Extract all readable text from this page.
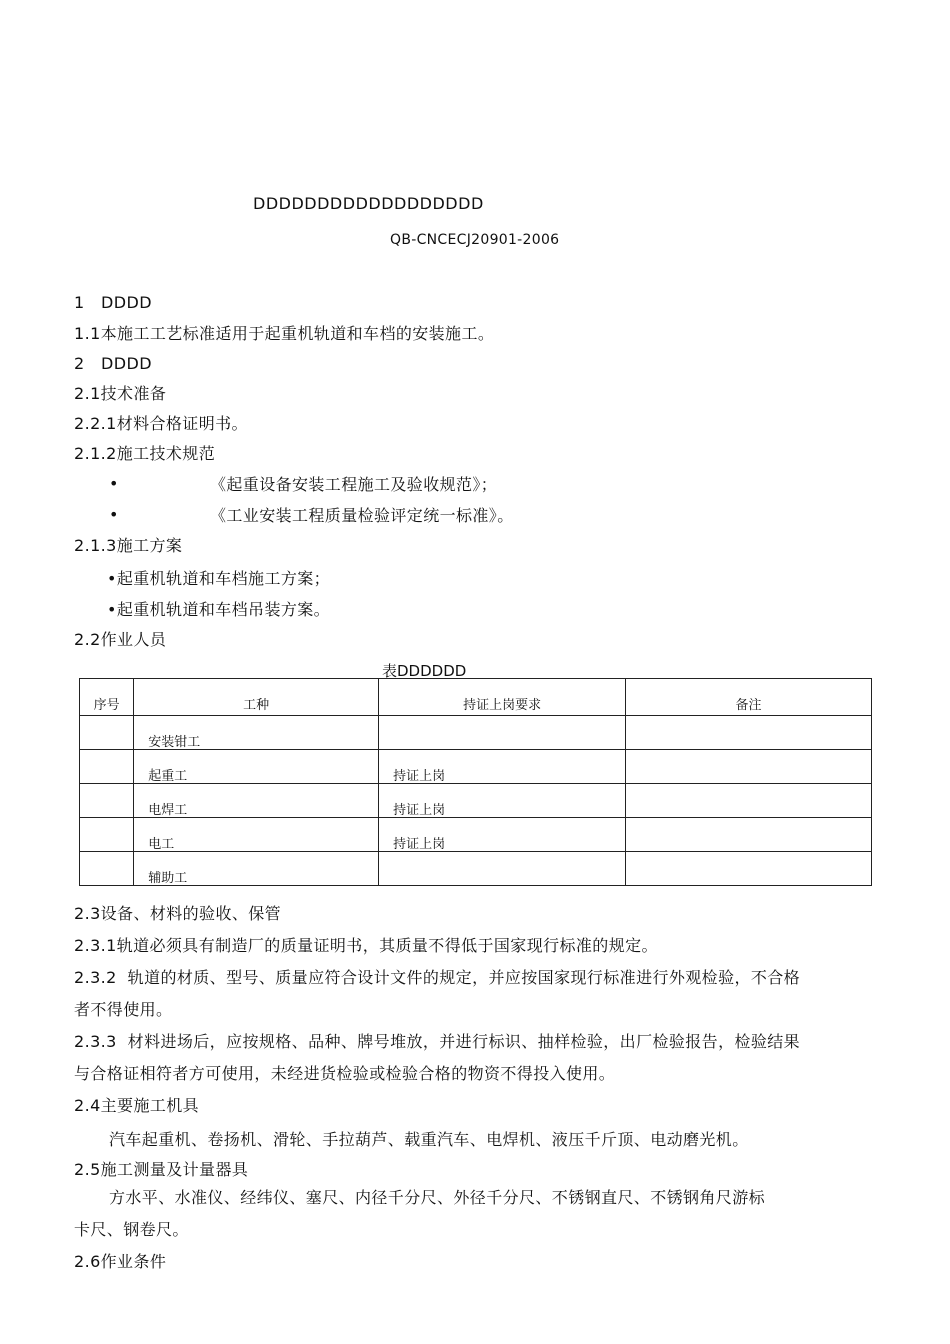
DDDDDDDDDDDDDDDDDD
QB-CNCECJ20901-2006
1   DDDD
1.1本施工工艺标准适用于起重机轨道和车档的安装施工。
2   DDDD
2.1技术准备
2.2.1材料合格证明书。
2.1.2施工技术规范
•	《起重设备安装工程施工及验收规范》；
•	《工业安装工程质量检验评定统一标准》。
2.1.3施工方案
•起重机轨道和车档施工方案；
•起重机轨道和车档吊装方案。
2.2作业人员
表DDDDDD
序号	工种	持证上岗要求	备注

	安装钳工		

	起重工	持证上岗	

	电焊工	持证上岗	

	电工	持证上岗	

	辅助工		

2.3设备、材料的验收、保管
2.3.1轨道必须具有制造厂的质量证明书，其质量不得低于国家现行标准的规定。
2.3.2  轨道的材质、型号、质量应符合设计文件的规定，并应按国家现行标准进行外观检验，不合格
者不得使用。
2.3.3  材料进场后，应按规格、品种、牌号堆放，并进行标识、抽样检验，出厂检验报告，检验结果
与合格证相符者方可使用，未经进货检验或检验合格的物资不得投入使用。
2.4主要施工机具
汽车起重机、卷扬机、滑轮、手拉葫芦、载重汽车、电焊机、液压千斤顶、电动磨光机。
2.5施工测量及计量器具
方水平、水准仪、经纬仪、塞尺、内径千分尺、外径千分尺、不锈钢直尺、不锈钢角尺游标
卡尺、钢卷尺。
2.6作业条件
